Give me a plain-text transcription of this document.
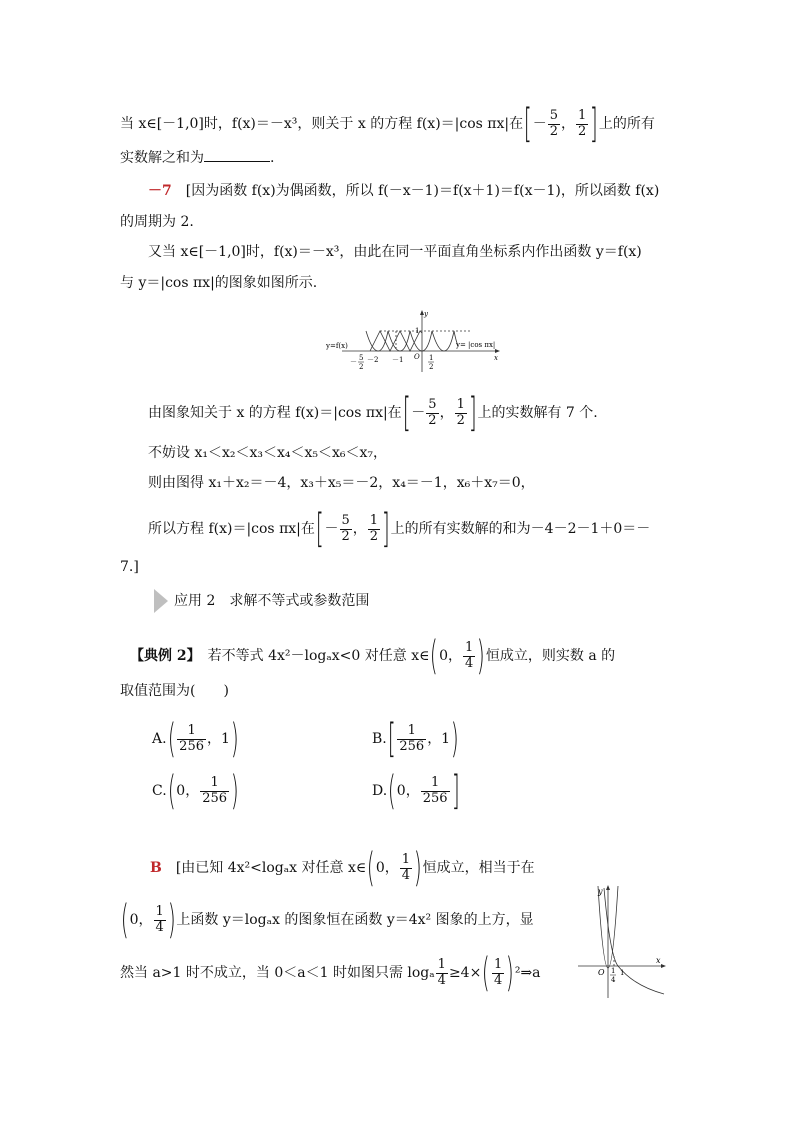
当 x∈[－1,0]时，f(x)＝－x³，则关于 x 的方程 f(x)＝|cos πx|在[－ $\frac{5}{2}$ ， $\frac{1}{2}$ ]上的所有
实数解之和为	.
－7　 [因为函数 f(x)为偶函数，所以 f(－x－1)＝f(x＋1)＝f(x－1)，所以函数 f(x)
的周期为 2.
又当 x∈[－1,0]时，f(x)＝－x³，由此在同一平面直角坐标系内作出函数 y＝f(x)
与 y＝|cos πx|的图象如图所示.
y=f(x)	y= |cos πx|
y
x
1
O
－ 5
2
－2 －1	1
2
由图象知关于 x 的方程 f(x)＝|cos πx|在[－ $\frac{5}{2}$ ， $\frac{1}{2}$ ]上的实数解有 7 个.
不妨设 x₁＜x₂＜x₃＜x₄＜x₅＜x₆＜x₇，
则由图得 x₁＋x₂＝－4，x₃＋x₅＝－2，x₄＝－1，x₆＋x₇＝0，
所以方程 f(x)＝|cos πx|在[－ $\frac{5}{2}$ ， $\frac{1}{2}$ ]上的所有实数解的和为－4－2－1＋0＝－
7.]
应用 2　求解不等式或参数范围
【典例 2】　 若不等式 4x²－logₐx<0 对任意 x∈(0， $\frac{1}{4}$ )恒成立，则实数 a 的
取值范围为(　　)
$A.( \frac{1}{256}$ ，1)	$B.[ \frac{1}{256}$ ，1)
C.(0， $\frac{1}{256}$ )	D.(0， $\frac{1}{256}$ ]
B　 [由已知 4x²<logₐx 对任意 x∈(0， $\frac{1}{4}$ )恒成立，相当于在
(0， $\frac{1}{4}$ )上函数 y＝logₐx 的图象恒在函数 y＝4x² 图象的上方，显
然当 a>1 时不成立，当 0＜a＜1 时如图只需 logₐ $\frac{1}{4} \ge 4\times( \frac{1}{4}$ )²⇒a
y
x
O 1
4
1
